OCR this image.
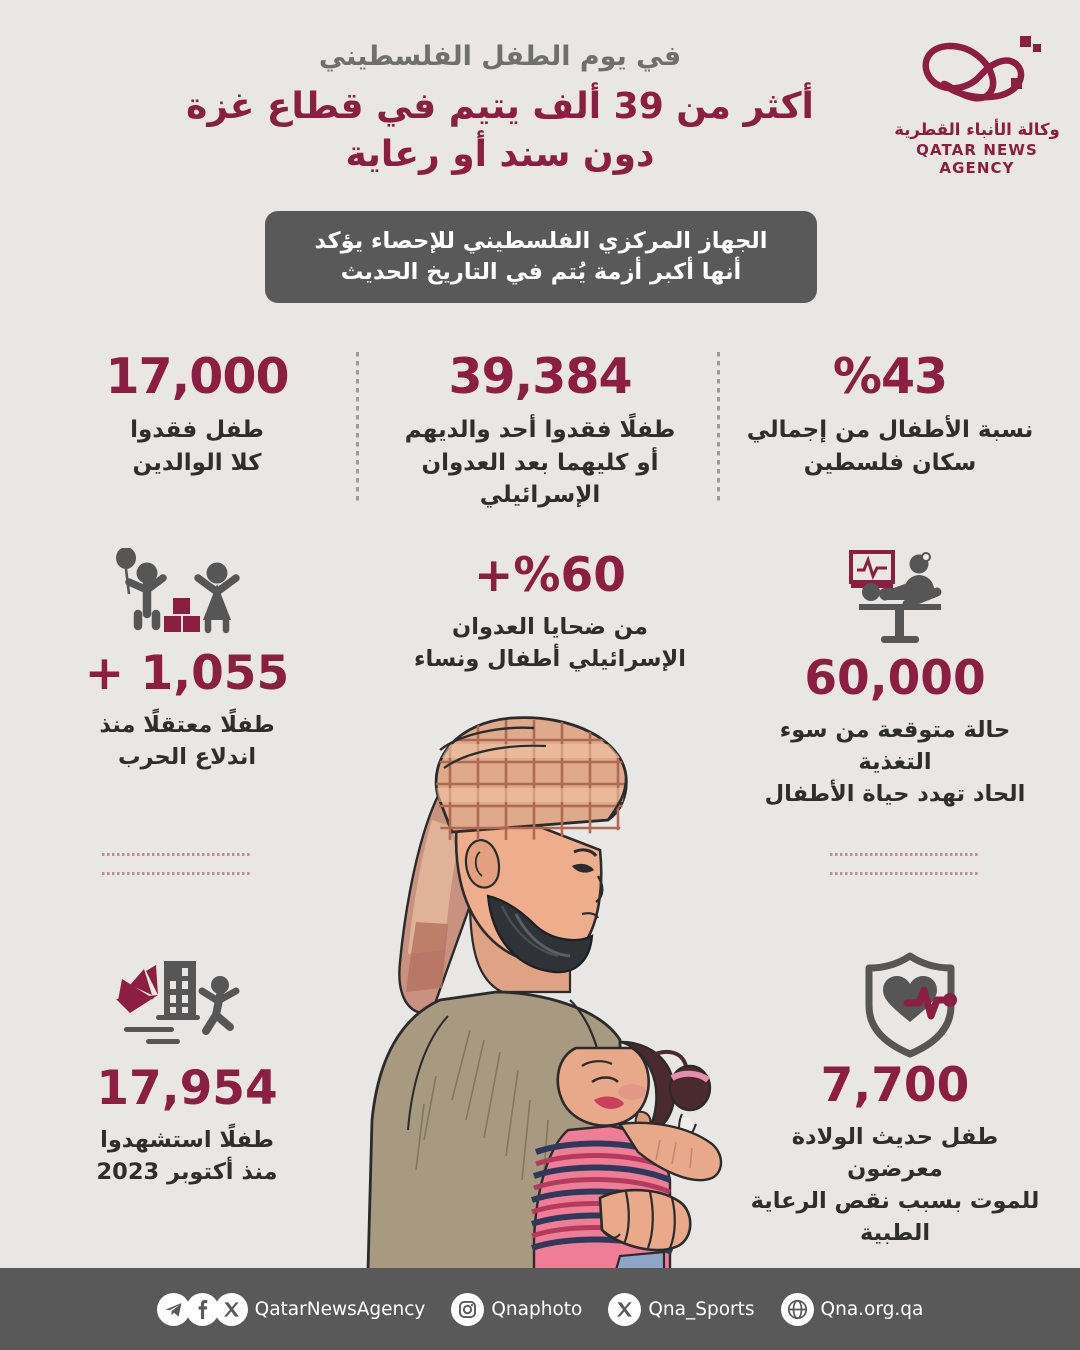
في يوم الطفل الفلسطيني
أكثر من 39 ألف يتيم في قطاع غزة
دون سند أو رعاية
وكالة الأنباء القطرية
QATAR NEWS AGENCY
الجهاز المركزي الفلسطيني للإحصاء يؤكد
أنها أكبر أزمة يُتم في التاريخ الحديث
17,000
طفل فقدوا
كلا الوالدين
39,384
طفلًا فقدوا أحد والديهم
أو كليهما بعد العدوان
الإسرائيلي
%43
نسبة الأطفال من إجمالي
سكان فلسطين
+ 1,055
طفلًا معتقلًا منذ
اندلاع الحرب
+%60
من ضحايا العدوان
الإسرائيلي أطفال ونساء	60,000
حالة متوقعة من سوء التغذية
الحاد تهدد حياة الأطفال
17,954
طفلًا استشهدوا
منذ أكتوبر 2023
7,700
طفل حديث الولادة معرضون
للموت بسبب نقص الرعاية الطبية
QatarNewsAgency	Qnaphoto	Qna_Sports	Qna.org.qa
